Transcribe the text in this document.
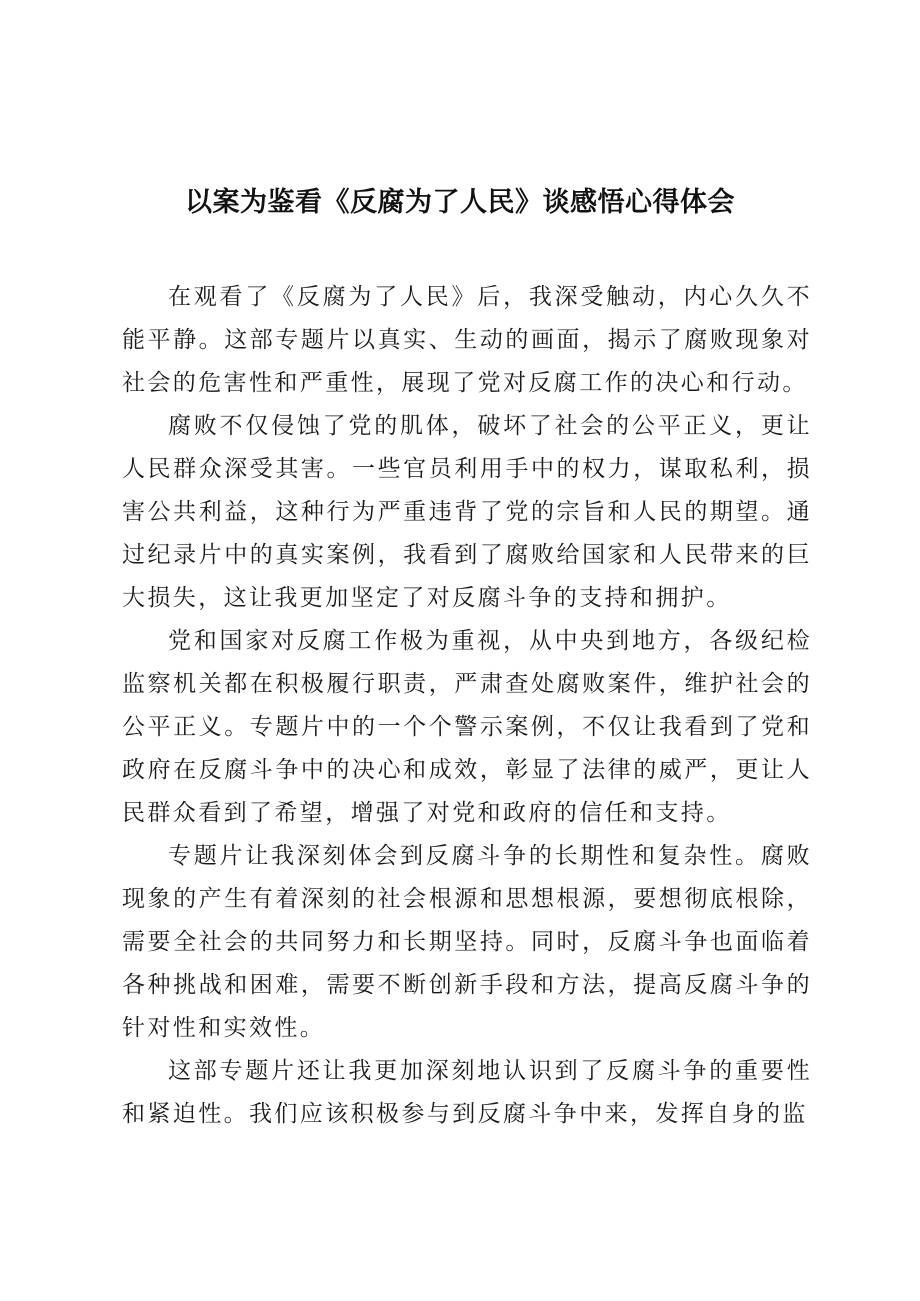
以案为鉴看《反腐为了人民》谈感悟心得体会

在观看了《反腐为了人民》后，我深受触动，内心久久不能平静。这部专题片以真实、生动的画面，揭示了腐败现象对社会的危害性和严重性，展现了党对反腐工作的决心和行动。

腐败不仅侵蚀了党的肌体，破坏了社会的公平正义，更让人民群众深受其害。一些官员利用手中的权力，谋取私利，损害公共利益，这种行为严重违背了党的宗旨和人民的期望。通过纪录片中的真实案例，我看到了腐败给国家和人民带来的巨大损失，这让我更加坚定了对反腐斗争的支持和拥护。

党和国家对反腐工作极为重视，从中央到地方，各级纪检监察机关都在积极履行职责，严肃查处腐败案件，维护社会的公平正义。专题片中的一个个警示案例，不仅让我看到了党和政府在反腐斗争中的决心和成效，彰显了法律的威严，更让人民群众看到了希望，增强了对党和政府的信任和支持。

专题片让我深刻体会到反腐斗争的长期性和复杂性。腐败现象的产生有着深刻的社会根源和思想根源，要想彻底根除，需要全社会的共同努力和长期坚持。同时，反腐斗争也面临着各种挑战和困难，需要不断创新手段和方法，提高反腐斗争的针对性和实效性。

这部专题片还让我更加深刻地认识到了反腐斗争的重要性和紧迫性。我们应该积极参与到反腐斗争中来，发挥自身的监
